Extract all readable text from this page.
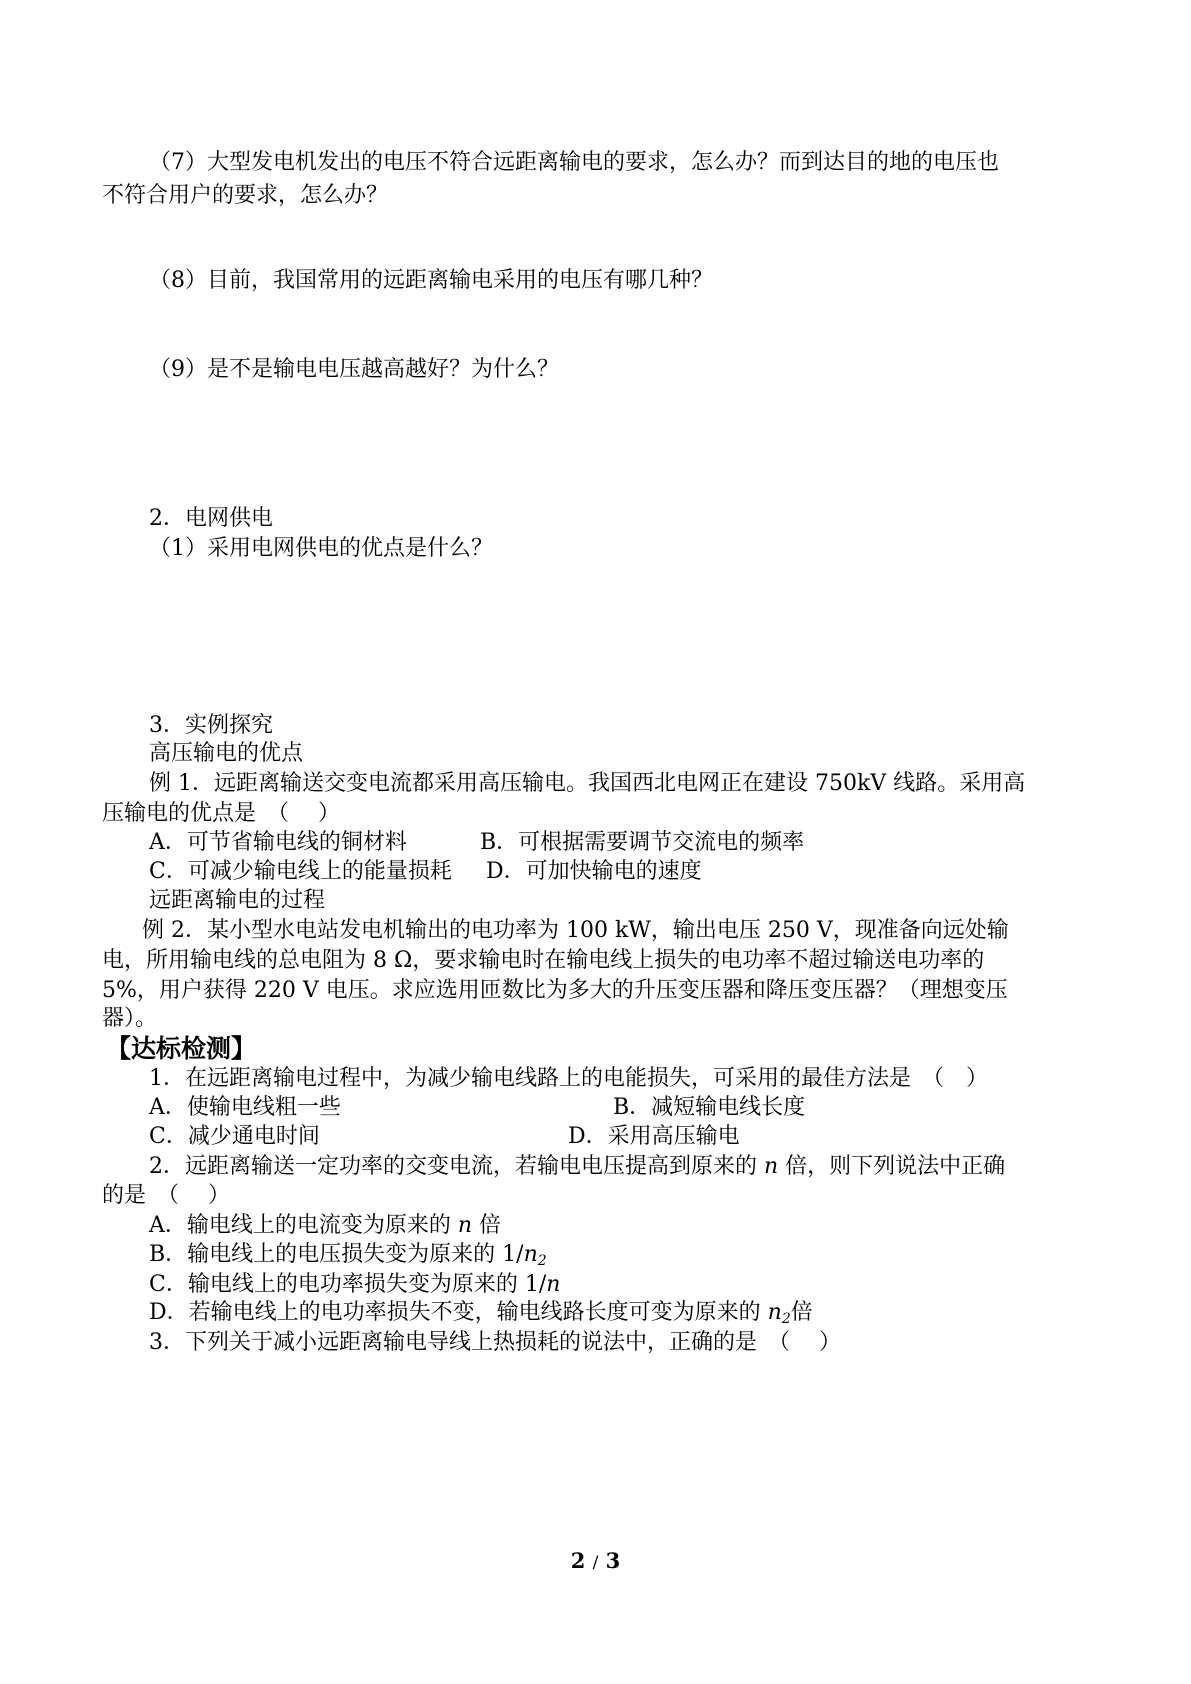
（7）大型发电机发出的电压不符合远距离输电的要求，怎么办？而到达目的地的电压也
不符合用户的要求，怎么办？
（8）目前，我国常用的远距离输电采用的电压有哪几种？
（9）是不是输电电压越高越好？为什么？
2．电网供电
（1）采用电网供电的优点是什么？
3．实例探究
高压输电的优点
例 1．远距离输送交变电流都采用高压输电。我国西北电网正在建设 750kV 线路。采用高
压输电的优点是　（　 ）
A．可节省输电线的铜材料	B．可根据需要调节交流电的频率
C．可减少输电线上的能量损耗 D．可加快输电的速度
远距离输电的过程
例 2．某小型水电站发电机输出的电功率为 100 kW，输出电压 250 V，现准备向远处输
电，所用输电线的总电阻为 8 Ω，要求输电时在输电线上损失的电功率不超过输送电功率的
5%，用户获得 220 V 电压。求应选用匝数比为多大的升压变压器和降压变压器？（理想变压
器）。
【达标检测】
1．在远距离输电过程中，为减少输电线路上的电能损失，可采用的最佳方法是　（　）
A．使输电线粗一些	B．减短输电线长度
C．减少通电时间	D．采用高压输电
2．远距离输送一定功率的交变电流，若输电电压提高到原来的 n 倍，则下列说法中正确
的是　（　 ）
A．输电线上的电流变为原来的 n 倍
B．输电线上的电压损失变为原来的 $1/n_2$
C．输电线上的电功率损失变为原来的 1/n
D．若输电线上的电功率损失不变，输电线路长度可变为原来的 $n_2$倍
3．下列关于减小远距离输电导线上热损耗的说法中，正确的是　（　 ）
2 / 3
